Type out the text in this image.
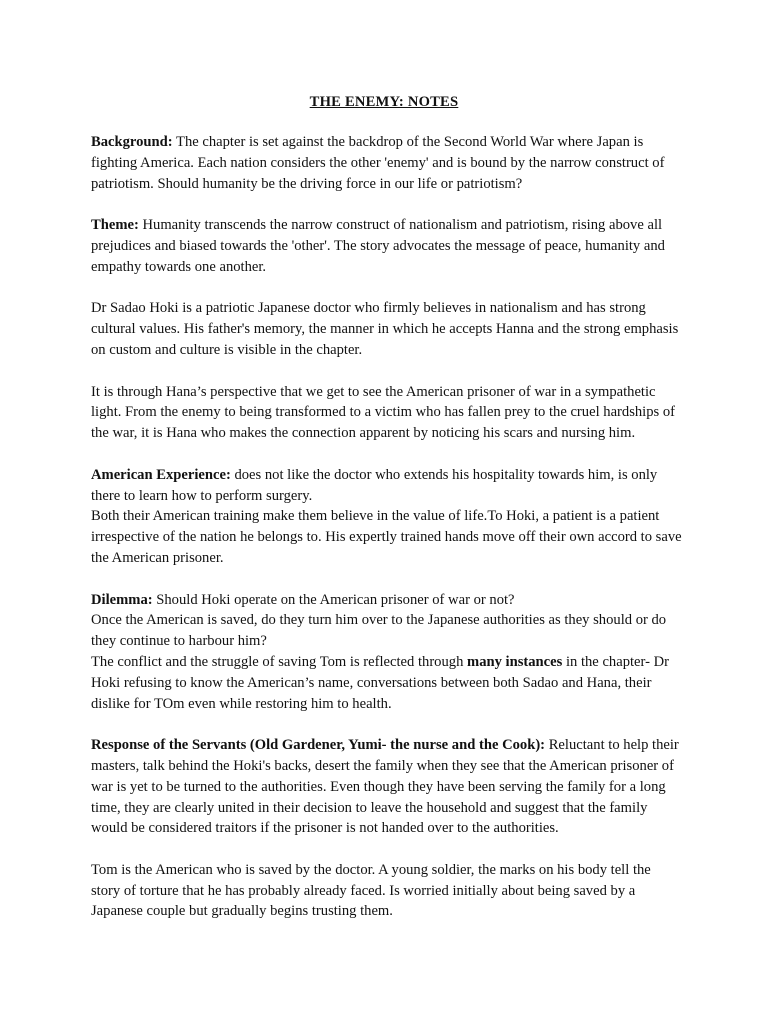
THE ENEMY: NOTES

Background: The chapter is set against the backdrop of the Second World War where Japan is fighting America. Each nation considers the other 'enemy' and is bound by the narrow construct of patriotism. Should humanity be the driving force in our life or patriotism?

Theme: Humanity transcends the narrow construct of nationalism and patriotism, rising above all prejudices and biased towards the 'other'. The story advocates the message of peace, humanity and empathy towards one another.

Dr Sadao Hoki is a patriotic Japanese doctor who firmly believes in nationalism and has strong cultural values. His father's memory, the manner in which he accepts Hanna and the strong emphasis on custom and culture is visible in the chapter.

It is through Hana’s perspective that we get to see the American prisoner of war in a sympathetic light. From the enemy to being transformed to a victim who has fallen prey to the cruel hardships of the war, it is Hana who makes the connection apparent by noticing his scars and nursing him.

American Experience: does not like the doctor who extends his hospitality towards him, is only there to learn how to perform surgery.
Both their American training make them believe in the value of life.To Hoki, a patient is a patient irrespective of the nation he belongs to. His expertly trained hands move off their own accord to save the American prisoner.

Dilemma: Should Hoki operate on the American prisoner of war or not?
Once the American is saved, do they turn him over to the Japanese authorities as they should or do they continue to harbour him?
The conflict and the struggle of saving Tom is reflected through many instances in the chapter- Dr Hoki refusing to know the American’s name, conversations between both Sadao and Hana, their dislike for TOm even while restoring him to health.

Response of the Servants (Old Gardener, Yumi- the nurse and the Cook): Reluctant to help their masters, talk behind the Hoki's backs, desert the family when they see that the American prisoner of war is yet to be turned to the authorities. Even though they have been serving the family for a long time, they are clearly united in their decision to leave the household and suggest that the family would be considered traitors if the prisoner is not handed over to the authorities.

Tom is the American who is saved by the doctor. A young soldier, the marks on his body tell the story of torture that he has probably already faced. Is worried initially about being saved by a Japanese couple but gradually begins trusting them.
